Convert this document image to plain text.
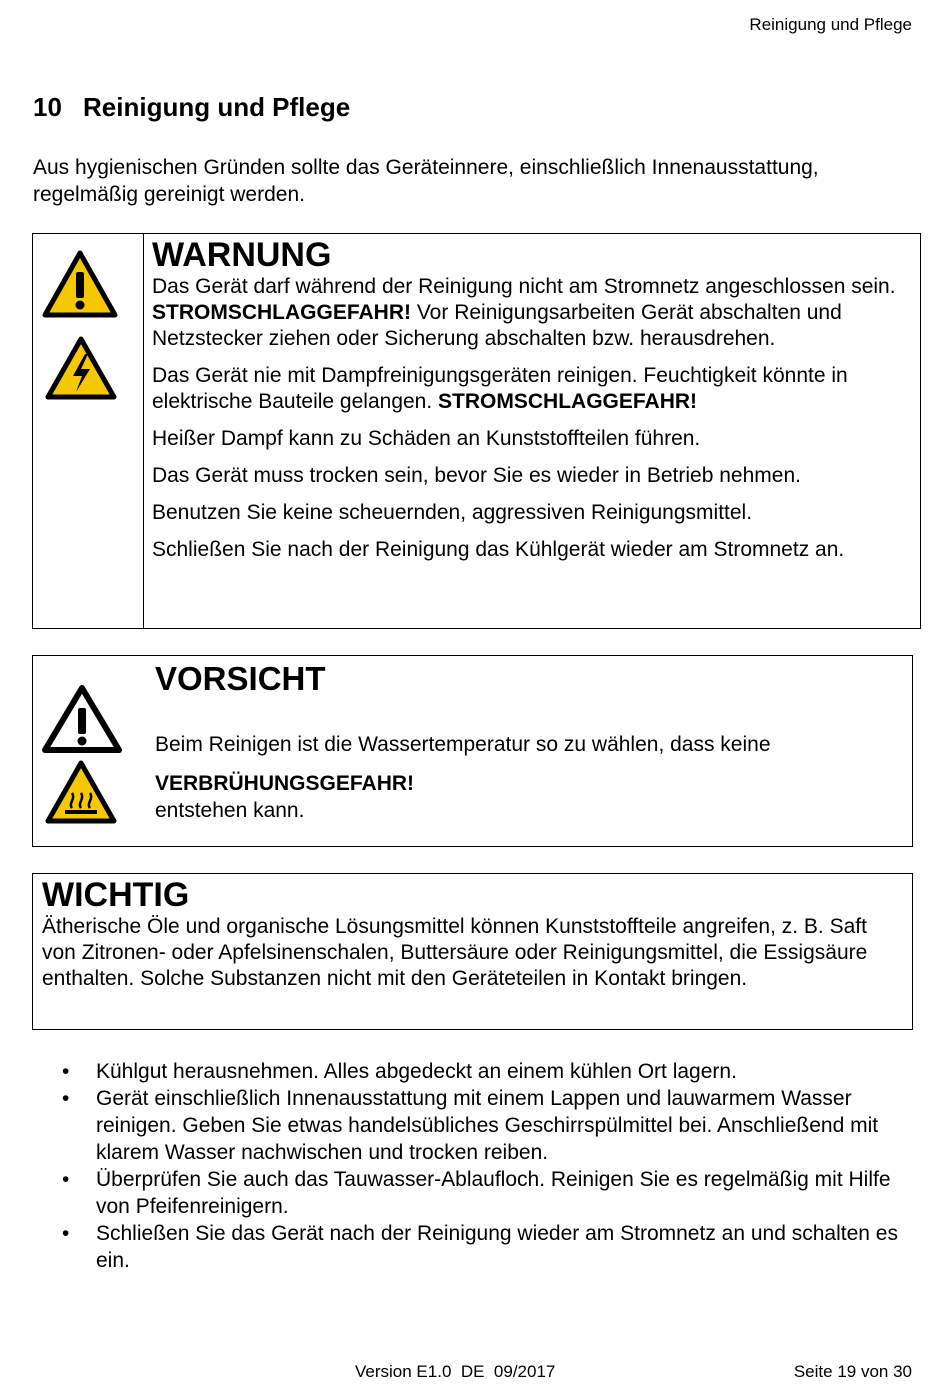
Reinigung und Pflege
10 Reinigung und Pflege

Aus hygienischen Gründen sollte das Geräteinnere, einschließlich Innenausstattung, regelmäßig gereinigt werden.

WARNUNG

Das Gerät darf während der Reinigung nicht am Stromnetz angeschlossen sein. STROMSCHLAGGEFAHR! Vor Reinigungsarbeiten Gerät abschalten und Netzstecker ziehen oder Sicherung abschalten bzw. herausdrehen.

Das Gerät nie mit Dampfreinigungsgeräten reinigen. Feuchtigkeit könnte in elektrische Bauteile gelangen. STROMSCHLAGGEFAHR!

Heißer Dampf kann zu Schäden an Kunststoffteilen führen.

Das Gerät muss trocken sein, bevor Sie es wieder in Betrieb nehmen.

Benutzen Sie keine scheuernden, aggressiven Reinigungsmittel.

Schließen Sie nach der Reinigung das Kühlgerät wieder am Stromnetz an.

VORSICHT

Beim Reinigen ist die Wassertemperatur so zu wählen, dass keine

VERBRÜHUNGSGEFAHR!

entstehen kann.

WICHTIG

Ätherische Öle und organische Lösungsmittel können Kunststoffteile angreifen, z. B. Saft von Zitronen- oder Apfelsinenschalen, Buttersäure oder Reinigungsmittel, die Essigsäure enthalten. Solche Substanzen nicht mit den Geräteteilen in Kontakt bringen.

• Kühlgut herausnehmen. Alles abgedeckt an einem kühlen Ort lagern.
• Gerät einschließlich Innenausstattung mit einem Lappen und lauwarmem Wasser reinigen. Geben Sie etwas handelsübliches Geschirrspülmittel bei. Anschließend mit klarem Wasser nachwischen und trocken reiben.
• Überprüfen Sie auch das Tauwasser-Ablaufloch. Reinigen Sie es regelmäßig mit Hilfe von Pfeifenreinigern.
• Schließen Sie das Gerät nach der Reinigung wieder am Stromnetz an und schalten es ein.
Version E1.0  DE  09/2017	Seite 19 von 30
